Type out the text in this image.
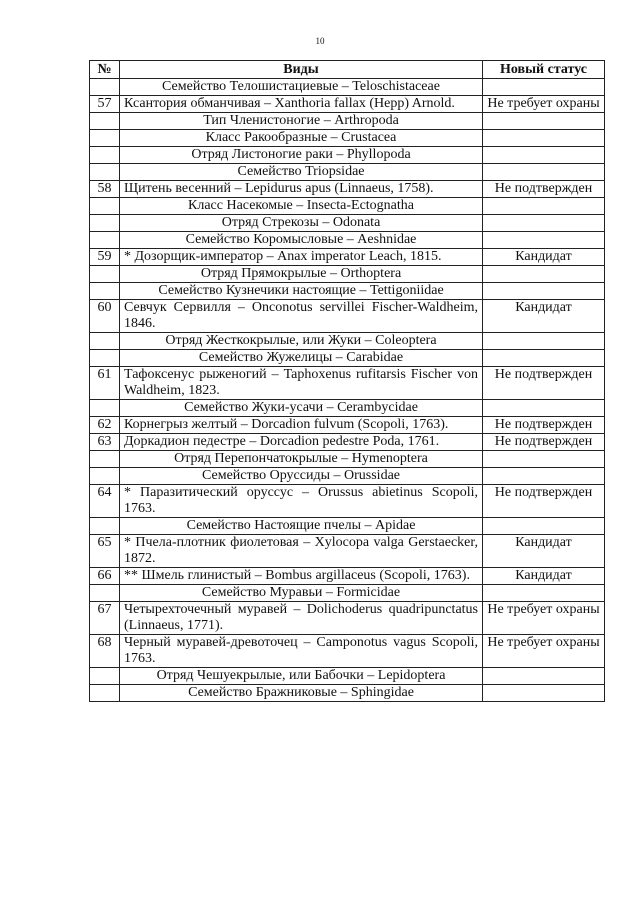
10
№	Виды	Новый статус
	Семейство Телошистациевые – Teloschistaceae	
57	Ксантория обманчивая – Xanthoria fallax (Hepp) Arnold.	Не требует охраны
	Тип Членистоногие – Arthropoda	
	Класс Ракообразные – Crustacea	
	Отряд Листоногие раки – Phyllopoda	
	Семейство Triopsidae	
58	Щитень весенний – Lepidurus apus (Linnaeus, 1758).	Не подтвержден
	Класс Насекомые – Insecta-Ectognatha	
	Отряд Стрекозы – Odonata	
	Семейство Коромысловые – Aeshnidae	
59	* Дозорщик-император – Anax imperator Leach, 1815.	Кандидат
	Отряд Прямокрылые – Orthoptera	
	Семейство Кузнечики настоящие – Tettigoniidae	
60	Севчук Сервилля – Onconotus servillei Fischer-Waldheim, 1846.	Кандидат
	Отряд Жесткокрылые, или Жуки – Coleoptera	
	Семейство Жужелицы – Carabidae	
61	Тафоксенус рыженогий – Taphoxenus rufitarsis Fischer von Waldheim, 1823.	Не подтвержден
	Семейство Жуки-усачи – Cerambycidae	
62	Корнегрыз желтый – Dorcadion fulvum (Scopoli, 1763).	Не подтвержден
63	Доркадион педестре – Dorcadion pedestre Poda, 1761.	Не подтвержден
	Отряд Перепончатокрылые – Hymenoptera	
	Семейство Оруссиды – Orussidae	
64	* Паразитический оруссус – Orussus abietinus Scopoli, 1763.	Не подтвержден
	Семейство Настоящие пчелы – Apidae	
65	* Пчела-плотник фиолетовая – Xylocopa valga Gerstaecker, 1872.	Кандидат
66	** Шмель глинистый – Bombus argillaceus (Scopoli, 1763).	Кандидат
	Семейство Муравьи – Formicidae	
67	Четырехточечный муравей – Dolichoderus quadripunctatus (Linnaeus, 1771).	Не требует охраны
68	Черный муравей-древоточец – Camponotus vagus Scopoli, 1763.	Не требует охраны
	Отряд Чешуекрылые, или Бабочки – Lepidoptera	
	Семейство Бражниковые – Sphingidae	
